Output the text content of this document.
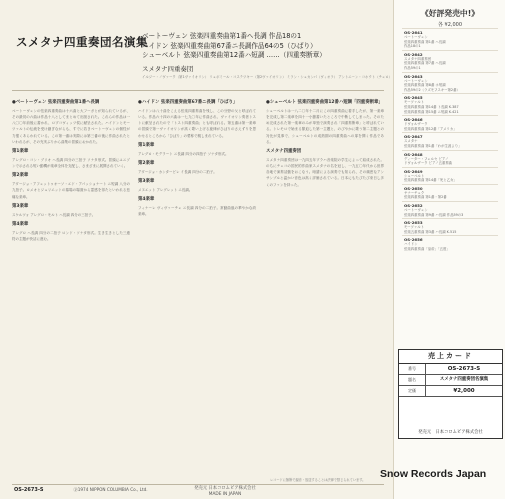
スメタナ四重奏団名演集
ベートーヴェン 弦楽四重奏曲第1番ヘ長調 作品18の1
ハイドン 弦楽四重奏曲第67番ニ長調作品64の5（ひばり）
シューベルト 弦楽四重奏曲第12番ハ短調 ……（四重奏断章）
スメタナ四重奏団
イルジー・ノヴァーク（第1ヴァイオリン） リュボミール・コステツキー（第2ヴァイオリン） ミラン・シュカンパ（ヴィオラ） アントニーン・コホウト（チェロ）
●ベートーヴェン 弦楽四重奏曲第1番ヘ長調

ベートーヴェンの弦楽四重奏曲は十六曲と大フーガとが知られているが、その最初の六曲は作品十八としてまとめて出版された。これらの作品は一八〇〇年前後に書かれ、ロプコヴィッツ侯に献呈された。ハイドンとモーツァルトの伝統を受け継ぎながらも、すでに若きベートーヴェンの個性が力強くあらわれている。この第一番は実際には第三番の後に作曲されたといわれるが、その充実ぶりから曲集の冒頭におかれた。

第1楽章

アレグロ・コン・ブリオ ヘ長調 四分の三拍子 ソナタ形式。冒頭にユニゾンで示される短い動機が楽章全体を支配し、さまざまに展開されていく。

第2楽章

アダージョ・アフェットゥオーソ・エド・アパッショナート ニ短調 八分の九拍子。ロメオとジュリエットの墓場の場面から霊感を得たといわれる悲痛な楽章。

第3楽章

スケルツォ アレグロ・モルト ヘ長調 四分の三拍子。

第4楽章

アレグロ ヘ長調 四分の二拍子 ロンド・ソナタ形式。生き生きとした三連符の主題が快活に進む。

●ハイドン 弦楽四重奏曲第67番ニ長調「ひばり」

ハイドンは八十曲をこえる弦楽四重奏曲を残し、この分野の父と呼ばれている。作品六十四の六曲は一七九〇年に作曲され、ヴァイオリン奏者トストに献呈されたので「トスト四重奏曲」とも呼ばれる。第五番は第一楽章の冒頭で第一ヴァイオリンが高く歌い上げる旋律がひばりのさえずりを思わせるところから「ひばり」の愛称で親しまれている。

第1楽章

アレグロ・モデラート ニ長調 四分の四拍子 ソナタ形式。

第2楽章

アダージョ・カンタービレ イ長調 四分の二拍子。

第3楽章

メヌエット アレグレット ニ長調。

第4楽章

フィナーレ ヴィヴァーチェ ニ長調 四分の二拍子。常動曲風の華やかな終楽章。

●シューベルト 弦楽四重奏曲第12番ハ短調「四重奏断章」

シューベルトは一八二〇年十二月にこの四重奏曲に着手したが、第一楽章を完成し第二楽章を四十一小節書いたところで中断してしまった。そのため完成された第一楽章のみが単独で演奏され「四重奏断章」と呼ばれている。トレモロで始まる緊迫した第一主題と、のびやかに歌う第二主題との対比が見事で、シューベルトの成熟期の四重奏曲への扉を開く作品である。

スメタナ四重奏団

スメタナ四重奏団は一九四五年プラハ音楽院の学生によって結成された。のちにチェコの国民的作曲家スメタナの名を冠し、一九五〇年代から世界各地で演奏活動をおこなう。暗譜による演奏でも知られ、その緻密なアンサンブルと温かい音色は高く評価されている。日本にもたびたび来日し多くのファンを持った。

レコードに無断で録音・放送することは法律で禁じられています。
OS-2673-S	ⓟ1974 NIPPON COLUMBIA Co., Ltd.	発売元 日本コロムビア株式会社
MADE IN JAPAN
《好評発売中!》
各 ¥2,000
OS-2641
ベートーヴェン
弦楽四重奏曲 第1番 ヘ長調
作品18の1
OS-2642
スメタナ四重奏団
弦楽四重奏曲 第7番 ヘ長調
作品59の1
OS-2643
ベートーヴェン
弦楽四重奏曲 第8番 ホ短調
作品59の2（ラズモフスキー第2番）
OS-2645
モーツァルト
弦楽四重奏曲 第14番 ト長調 K.387
弦楽四重奏曲 第15番 ニ短調 K.421
OS-2646
ドヴォルザーク
弦楽四重奏曲 第12番「アメリカ」
OS-2647
スメタナ
弦楽四重奏曲 第1番「わが生涯より」
OS-2648
ディーター・フェルセ ピアノ
ドヴォルザーク ピアノ五重奏曲
OS-2649
シューベルト
弦楽四重奏曲 第14番「死と乙女」
OS-2650
ヤナーチェク
弦楽四重奏曲 第1番・第2番
OS-2652
ベートーヴェン
弦楽四重奏曲 第9番 ハ長調 作品59の3
OS-2653
モーツァルト
弦楽五重奏曲 第3番 ハ長調 K.515
OS-2656
ハイドン
弦楽四重奏曲「皇帝」「五度」
売上カード
番号	OS-2673-S
題名	スメタナ四重奏団名演集
定価	¥2,000
発売元　日本コロムビア株式会社
Snow Records Japan
